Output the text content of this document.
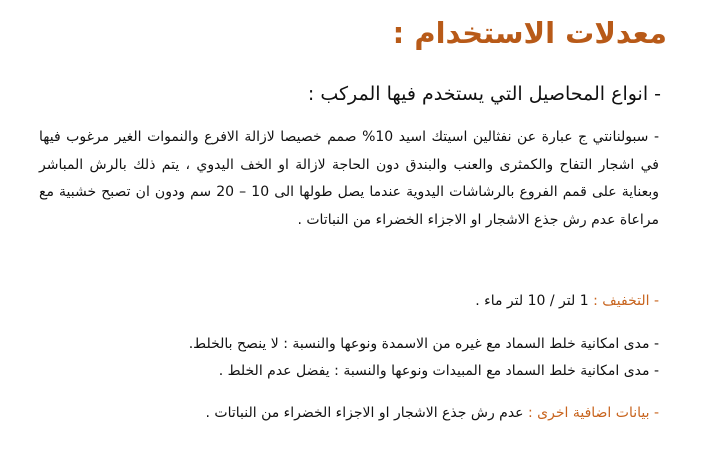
معدلات الاستخدام :
- انواع المحاصيل التي يستخدم فيها المركب :

- سبولنانتي ج عبارة عن نفثالين اسيتك اسيد 10% صمم خصيصا لازالة الافرع والنموات الغير مرغوب فيها في اشجار التفاح والكمثرى والعنب والبندق دون الحاجة لازالة او الخف اليدوي ، يتم ذلك بالرش المباشر وبعناية على قمم الفروع بالرشاشات اليدوية عندما يصل طولها الى 10 – 20 سم ودون ان تصبح خشبية مع مراعاة عدم رش جذع الاشجار او الاجزاء الخضراء من النباتات .

- التخفيف : 1 لتر / 10 لتر ماء .

- مدى امكانية خلط السماد مع غيره من الاسمدة ونوعها والنسبة : لا ينصح بالخلط.

- مدى امكانية خلط السماد مع المبيدات ونوعها والنسبة : يفضل عدم الخلط .

- بيانات اضافية اخرى : عدم رش جذع الاشجار او الاجزاء الخضراء من النباتات .
